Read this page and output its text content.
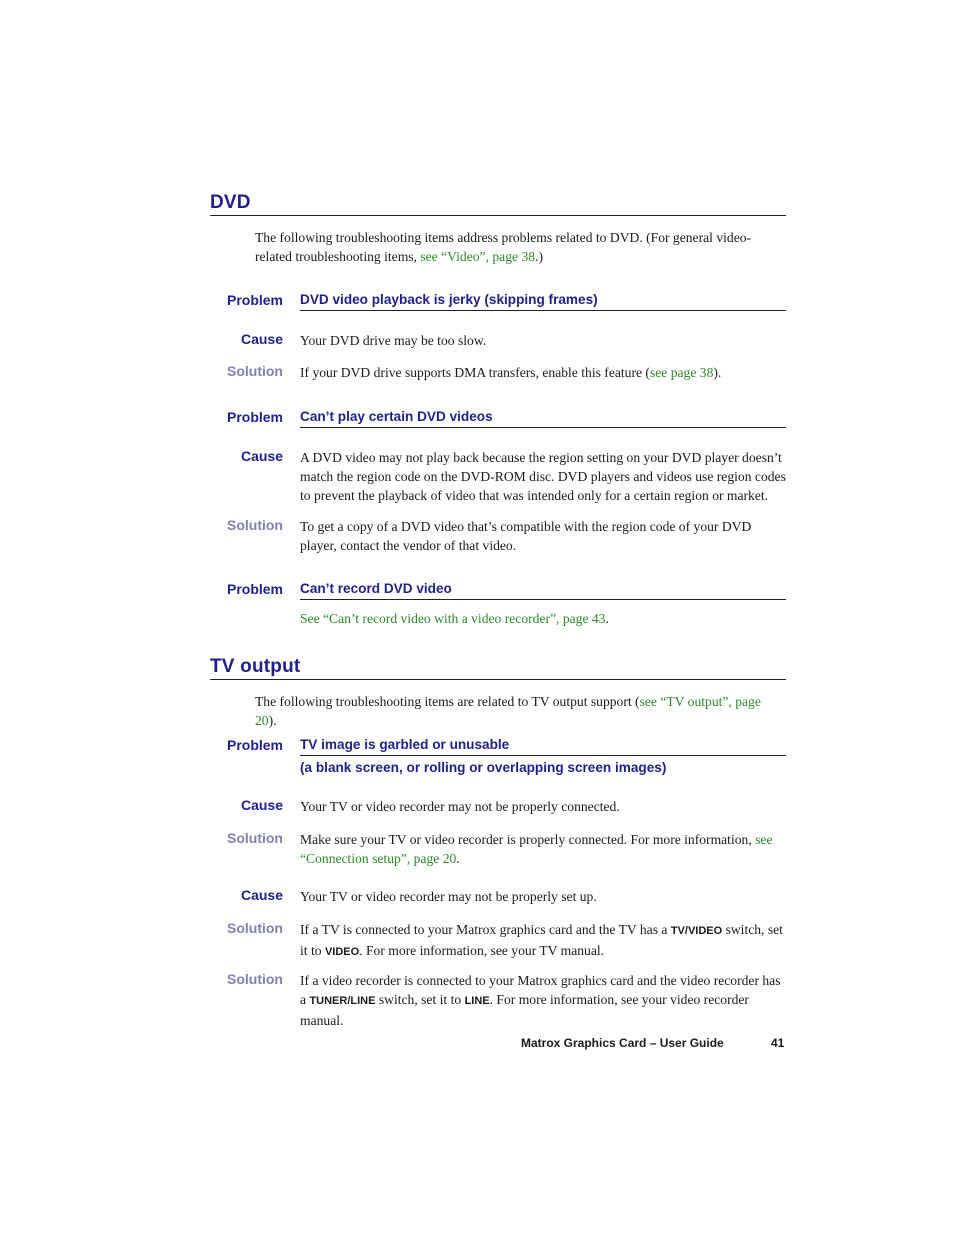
DVD
The following troubleshooting items address problems related to DVD. (For general video-related troubleshooting items, see “Video”, page 38.)
Problem DVD video playback is jerky (skipping frames)
Cause Your DVD drive may be too slow.
Solution If your DVD drive supports DMA transfers, enable this feature (see page 38).
Problem Can’t play certain DVD videos
Cause A DVD video may not play back because the region setting on your DVD player doesn’t match the region code on the DVD-ROM disc. DVD players and videos use region codes to prevent the playback of video that was intended only for a certain region or market.
Solution To get a copy of a DVD video that’s compatible with the region code of your DVD player, contact the vendor of that video.
Problem Can’t record DVD video
See “Can’t record video with a video recorder”, page 43.
TV output
The following troubleshooting items are related to TV output support (see “TV output”, page 20).
Problem TV image is garbled or unusable
(a blank screen, or rolling or overlapping screen images)
Cause Your TV or video recorder may not be properly connected.
Solution Make sure your TV or video recorder is properly connected. For more information, see “Connection setup”, page 20.
Cause Your TV or video recorder may not be properly set up.
Solution If a TV is connected to your Matrox graphics card and the TV has a TV/VIDEO switch, set it to VIDEO. For more information, see your TV manual.
Solution If a video recorder is connected to your Matrox graphics card and the video recorder has a TUNER/LINE switch, set it to LINE. For more information, see your video recorder manual.
Matrox Graphics Card – User Guide	41
